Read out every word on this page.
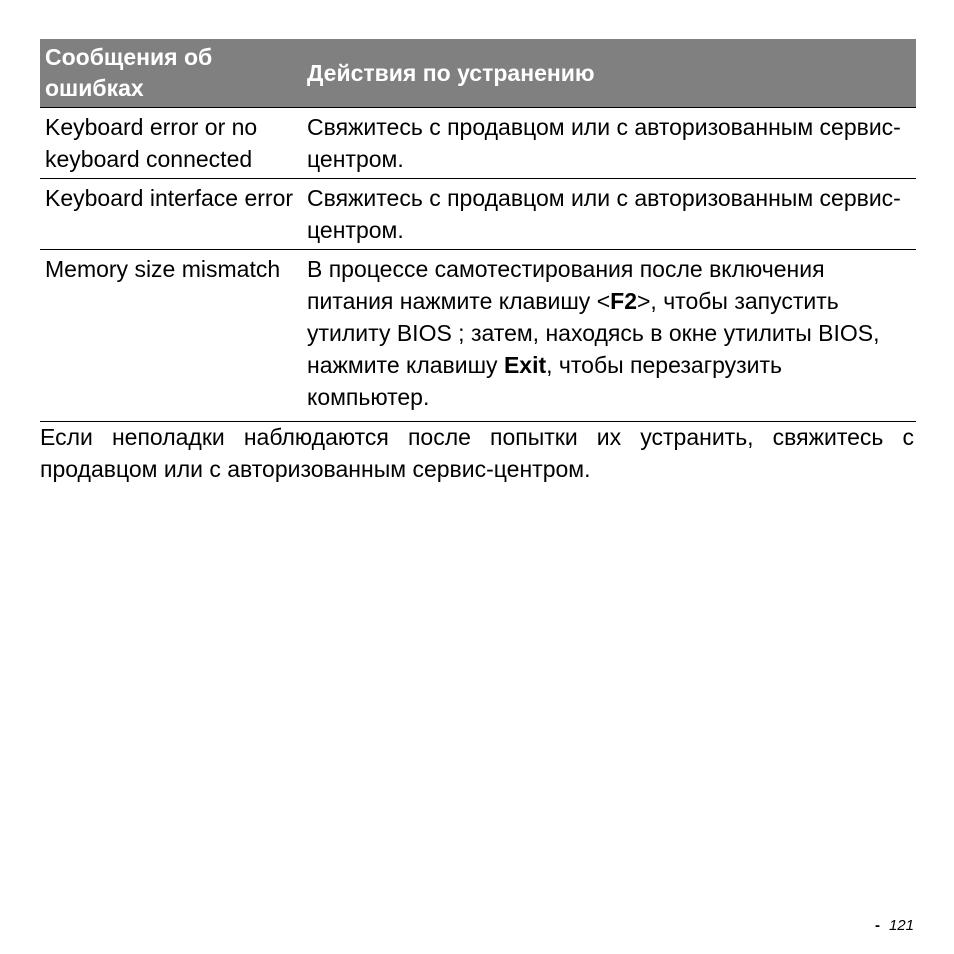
Сообщения об ошибках	Действия по устранению
Keyboard error or no keyboard connected	Свяжитесь с продавцом или с авторизованным сервис-центром.
Keyboard interface error	Свяжитесь с продавцом или с авторизованным сервис-центром.
Memory size mismatch	В процессе самотестирования после включения питания нажмите клавишу <F2>, чтобы запустить утилиту BIOS ; затем, находясь в окне утилиты BIOS, нажмите клавишу Exit, чтобы перезагрузить компьютер.

Если неполадки наблюдаются после попытки их устранить, свяжитесь с продавцом или с авторизованным сервис-центром.

- 121
